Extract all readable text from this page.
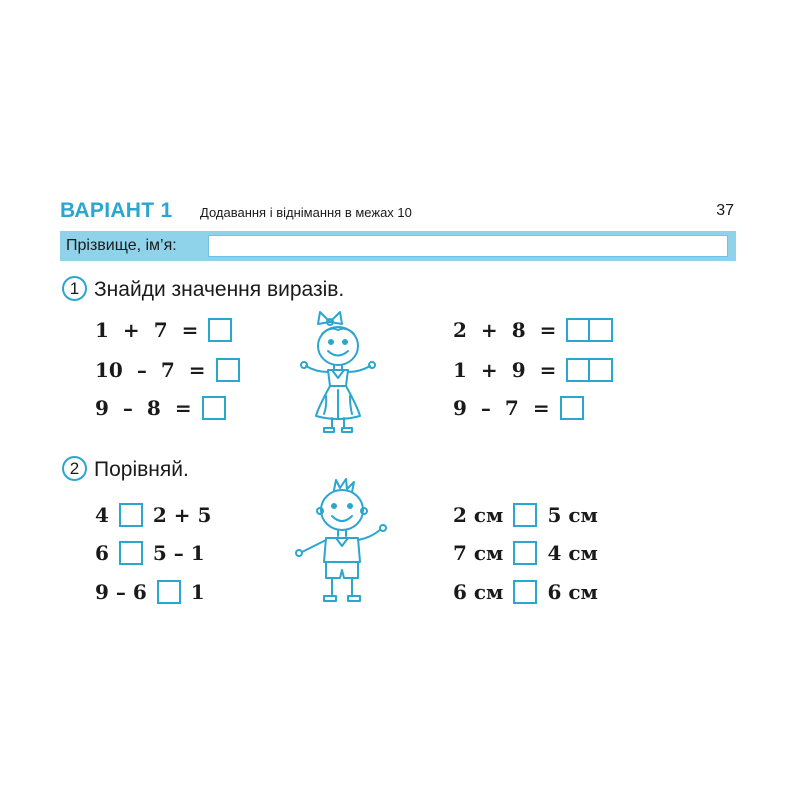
ВАРІАНТ 1 Додавання і віднімання в межах 10	37
Прізвище, ім’я:
1 Знайди значення виразів.
1 + 7 =
10 – 7 =
9 – 8 =
2 + 8 =
1 + 9 =
9 – 7 =
2 Порівняй.
4 2 + 5
6 5 – 1
9 – 6 1
2 см 5 см
7 см 4 см
6 см 6 см
